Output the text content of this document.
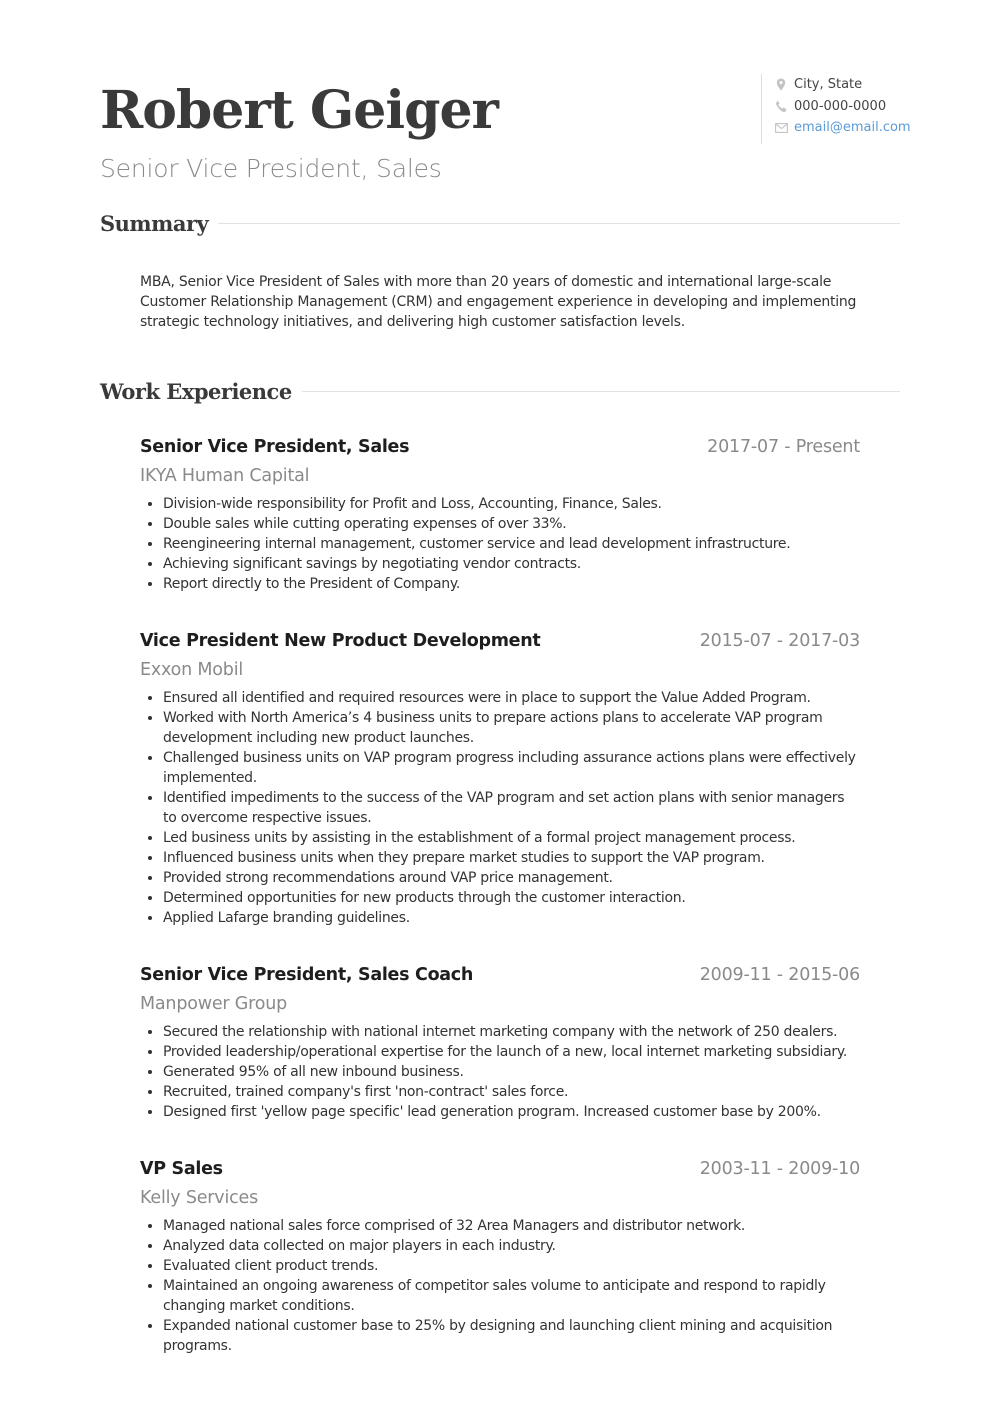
Robert Geiger
Senior Vice President, Sales
City, State
000-000-0000
email@email.com
Summary
MBA, Senior Vice President of Sales with more than 20 years of domestic and international large-scale Customer Relationship Management (CRM) and engagement experience in developing and implementing strategic technology initiatives, and delivering high customer satisfaction levels.
Work Experience
Senior Vice President, Sales	2017-07 - Present
IKYA Human Capital
• Division-wide responsibility for Profit and Loss, Accounting, Finance, Sales.
• Double sales while cutting operating expenses of over 33%.
• Reengineering internal management, customer service and lead development infrastructure.
• Achieving significant savings by negotiating vendor contracts.
• Report directly to the President of Company.
Vice President New Product Development	2015-07 - 2017-03
Exxon Mobil
• Ensured all identified and required resources were in place to support the Value Added Program.
• Worked with North America’s 4 business units to prepare actions plans to accelerate VAP program development including new product launches.
• Challenged business units on VAP program progress including assurance actions plans were effectively implemented.
• Identified impediments to the success of the VAP program and set action plans with senior managers to overcome respective issues.
• Led business units by assisting in the establishment of a formal project management process.
• Influenced business units when they prepare market studies to support the VAP program.
• Provided strong recommendations around VAP price management.
• Determined opportunities for new products through the customer interaction.
• Applied Lafarge branding guidelines.
Senior Vice President, Sales Coach	2009-11 - 2015-06
Manpower Group
• Secured the relationship with national internet marketing company with the network of 250 dealers.
• Provided leadership/operational expertise for the launch of a new, local internet marketing subsidiary.
• Generated 95% of all new inbound business.
• Recruited, trained company's first 'non-contract' sales force.
• Designed first 'yellow page specific' lead generation program. Increased customer base by 200%.
VP Sales	2003-11 - 2009-10
Kelly Services
• Managed national sales force comprised of 32 Area Managers and distributor network.
• Analyzed data collected on major players in each industry.
• Evaluated client product trends.
• Maintained an ongoing awareness of competitor sales volume to anticipate and respond to rapidly changing market conditions.
• Expanded national customer base to 25% by designing and launching client mining and acquisition programs.
